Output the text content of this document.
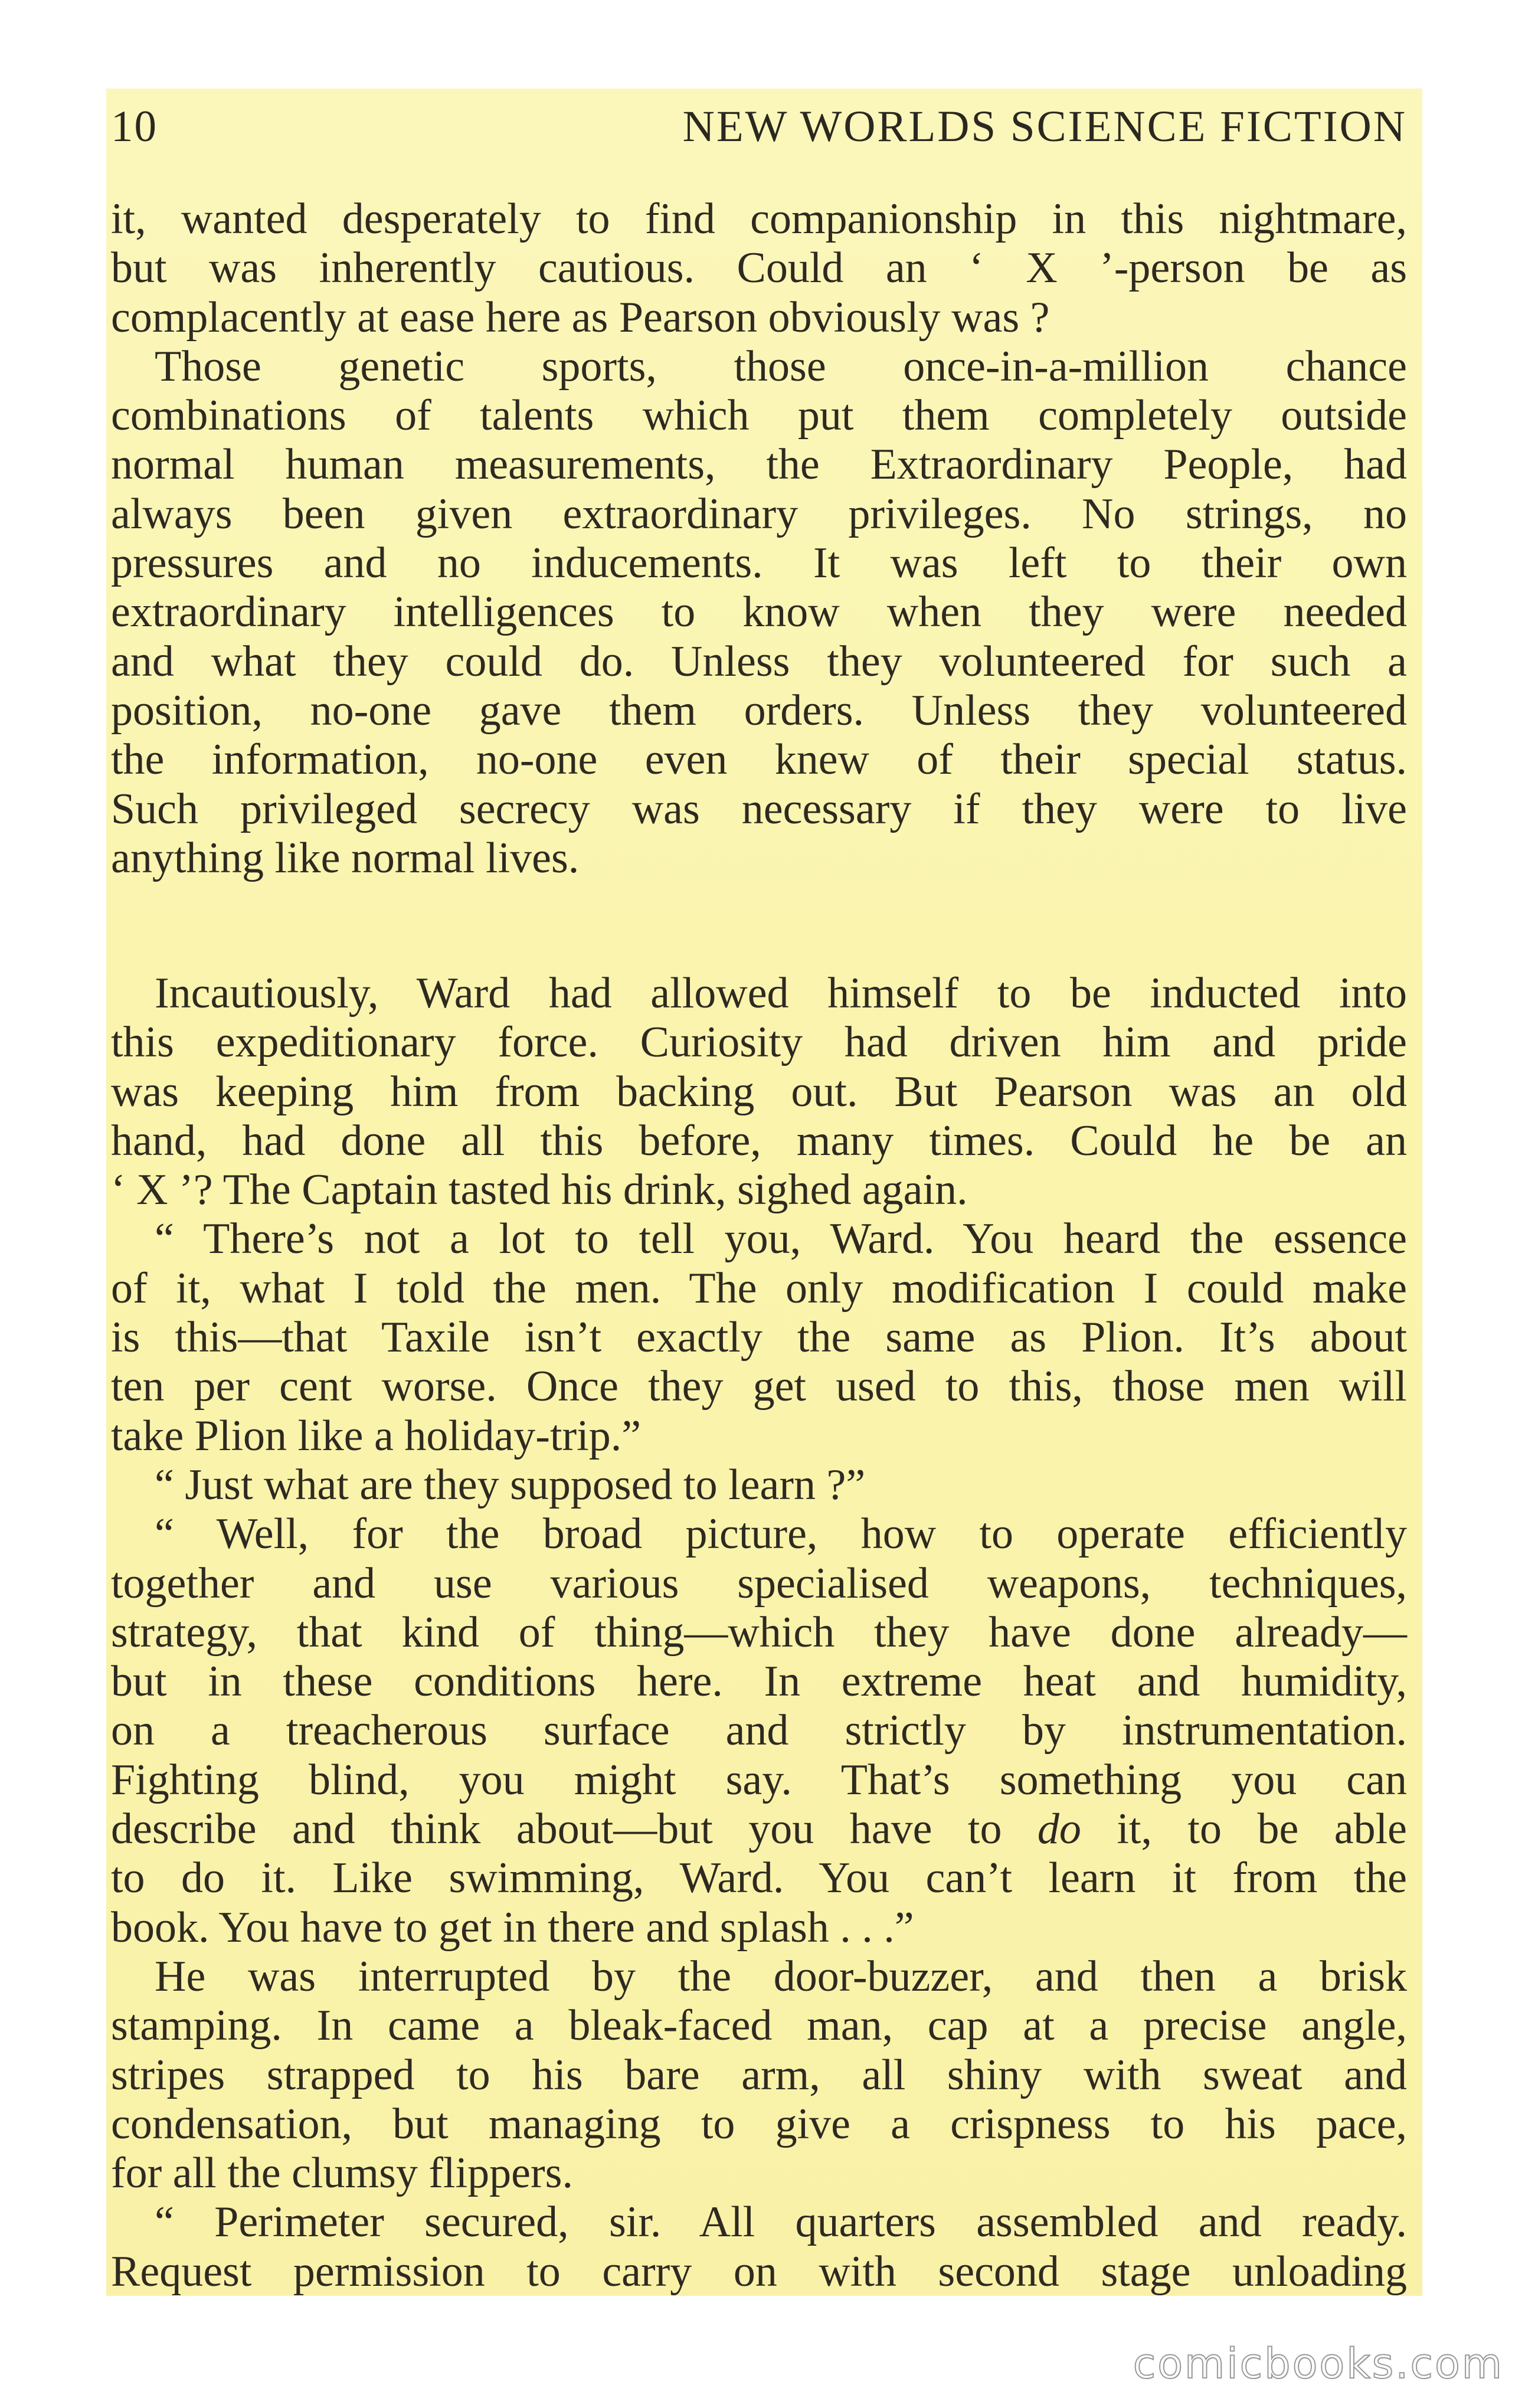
10	NEW WORLDS SCIENCE FICTION

it, wanted desperately to find companionship in this nightmare,
but was inherently cautious. Could an ‘ X ’-person be as
complacently at ease here as Pearson obviously was ?

Those genetic sports, those once-in-a-million chance
combinations of talents which put them completely outside
normal human measurements, the Extraordinary People, had
always been given extraordinary privileges. No strings, no
pressures and no inducements. It was left to their own
extraordinary intelligences to know when they were needed
and what they could do. Unless they volunteered for such a
position, no-one gave them orders. Unless they volunteered
the information, no-one even knew of their special status.
Such privileged secrecy was necessary if they were to live
anything like normal lives.

Incautiously, Ward had allowed himself to be inducted into
this expeditionary force. Curiosity had driven him and pride
was keeping him from backing out. But Pearson was an old
hand, had done all this before, many times. Could he be an
‘ X ’? The Captain tasted his drink, sighed again.

“ There’s not a lot to tell you, Ward. You heard the essence
of it, what I told the men. The only modification I could make
is this—that Taxile isn’t exactly the same as Plion. It’s about
ten per cent worse. Once they get used to this, those men will
take Plion like a holiday-trip.”

“ Just what are they supposed to learn ?”

“ Well, for the broad picture, how to operate efficiently
together and use various specialised weapons, techniques,
strategy, that kind of thing—which they have done already—
but in these conditions here. In extreme heat and humidity,
on a treacherous surface and strictly by instrumentation.
Fighting blind, you might say. That’s something you can
describe and think about—but you have to do it, to be able
to do it. Like swimming, Ward. You can’t learn it from the
book. You have to get in there and splash . . .”

He was interrupted by the door-buzzer, and then a brisk
stamping. In came a bleak-faced man, cap at a precise angle,
stripes strapped to his bare arm, all shiny with sweat and
condensation, but managing to give a crispness to his pace,
for all the clumsy flippers.

“ Perimeter secured, sir. All quarters assembled and ready.
Request permission to carry on with second stage unloading

comicbooks.com
